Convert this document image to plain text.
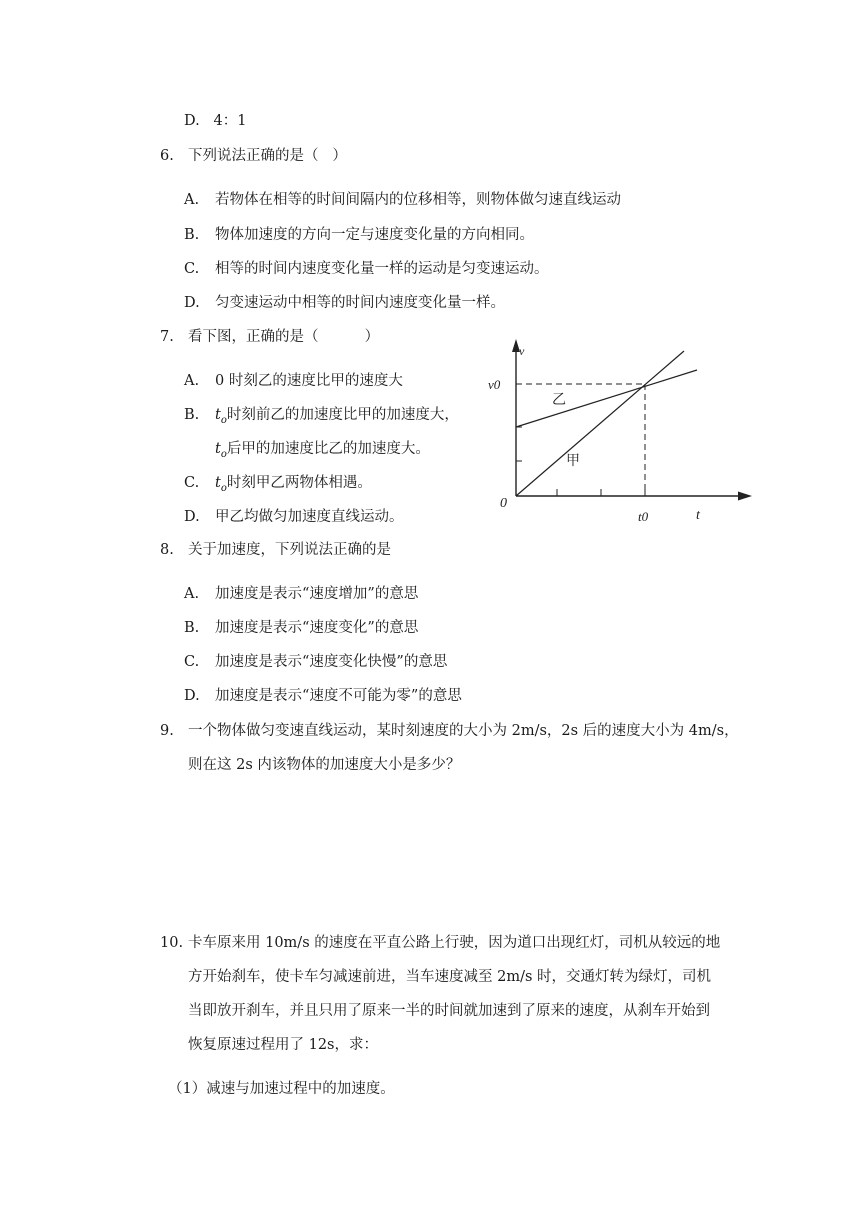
D.   4：1
6. 下列说法正确的是（   ）
A.	若物体在相等的时间间隔内的位移相等，则物体做匀速直线运动
B.	物体加速度的方向一定与速度变化量的方向相同。
C.	相等的时间内速度变化量一样的运动是匀变速运动。
D.	匀变速运动中相等的时间内速度变化量一样。
7. 看下图，正确的是（          ）
A.	0 时刻乙的速度比甲的速度大
B.	$t_o$时刻前乙的加速度比甲的加速度大，
$t_o$后甲的加速度比乙的加速度大。
C.	$t_o$时刻甲乙两物体相遇。
D.	甲乙均做匀加速度直线运动。
v
t
0
v0
t0
乙
甲
8. 关于加速度，下列说法正确的是
A.	加速度是表示“速度增加”的意思
B.	加速度是表示“速度变化”的意思
C.	加速度是表示“速度变化快慢”的意思
D.	加速度是表示“速度不可能为零”的意思
9. 一个物体做匀变速直线运动，某时刻速度的大小为 2m/s，2s 后的速度大小为 4m/s，
则在这 2s 内该物体的加速度大小是多少？
10. 卡车原来用 10m/s 的速度在平直公路上行驶，因为道口出现红灯，司机从较远的地
方开始刹车，使卡车匀减速前进，当车速度减至 2m/s 时，交通灯转为绿灯，司机
当即放开刹车，并且只用了原来一半的时间就加速到了原来的速度，从刹车开始到
恢复原速过程用了 12s，求：
（1）减速与加速过程中的加速度。
